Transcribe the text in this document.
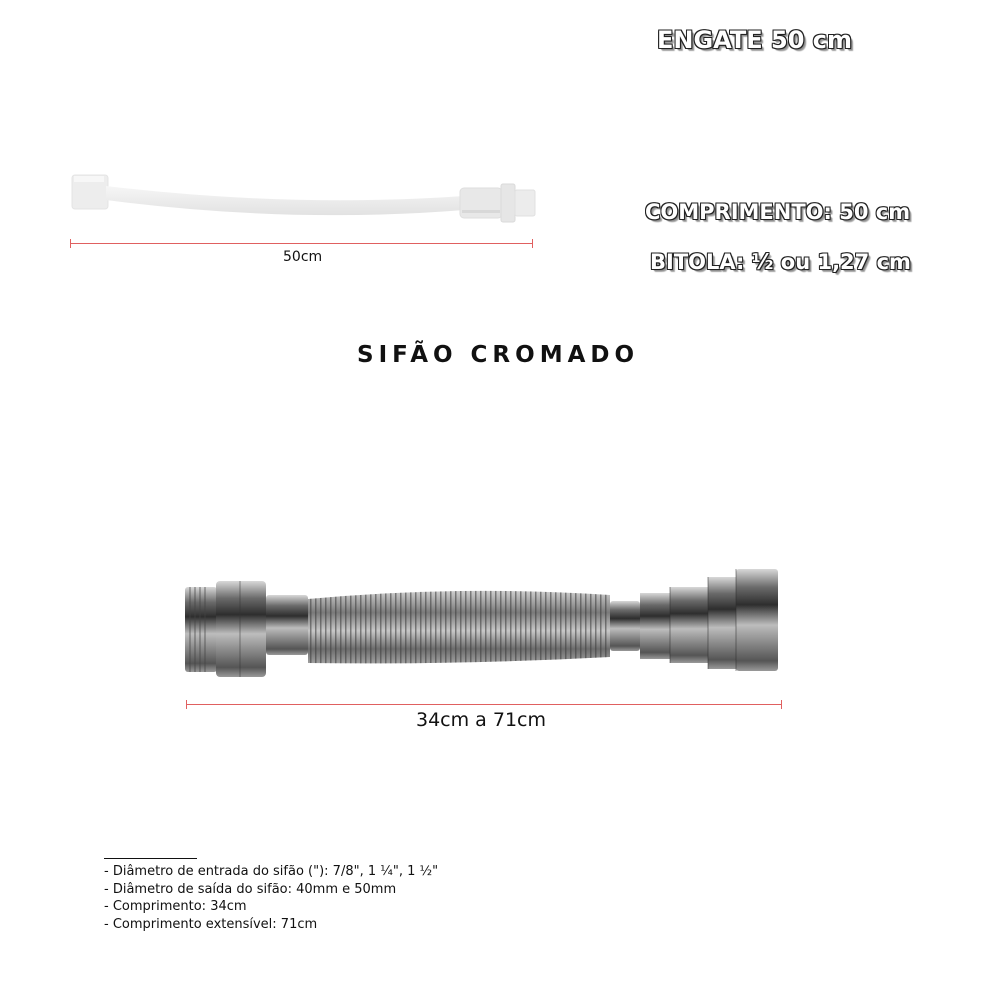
ENGATE 50 cm
COMPRIMENTO: 50 cm
BITOLA: ½ ou 1,27 cm
50cm
SIFÃO CROMADO
34cm a 71cm
- Diâmetro de entrada do sifão ("): 7/8", 1 ¼", 1 ½"
- Diâmetro de saída do sifão: 40mm e 50mm
- Comprimento: 34cm
- Comprimento extensível: 71cm
